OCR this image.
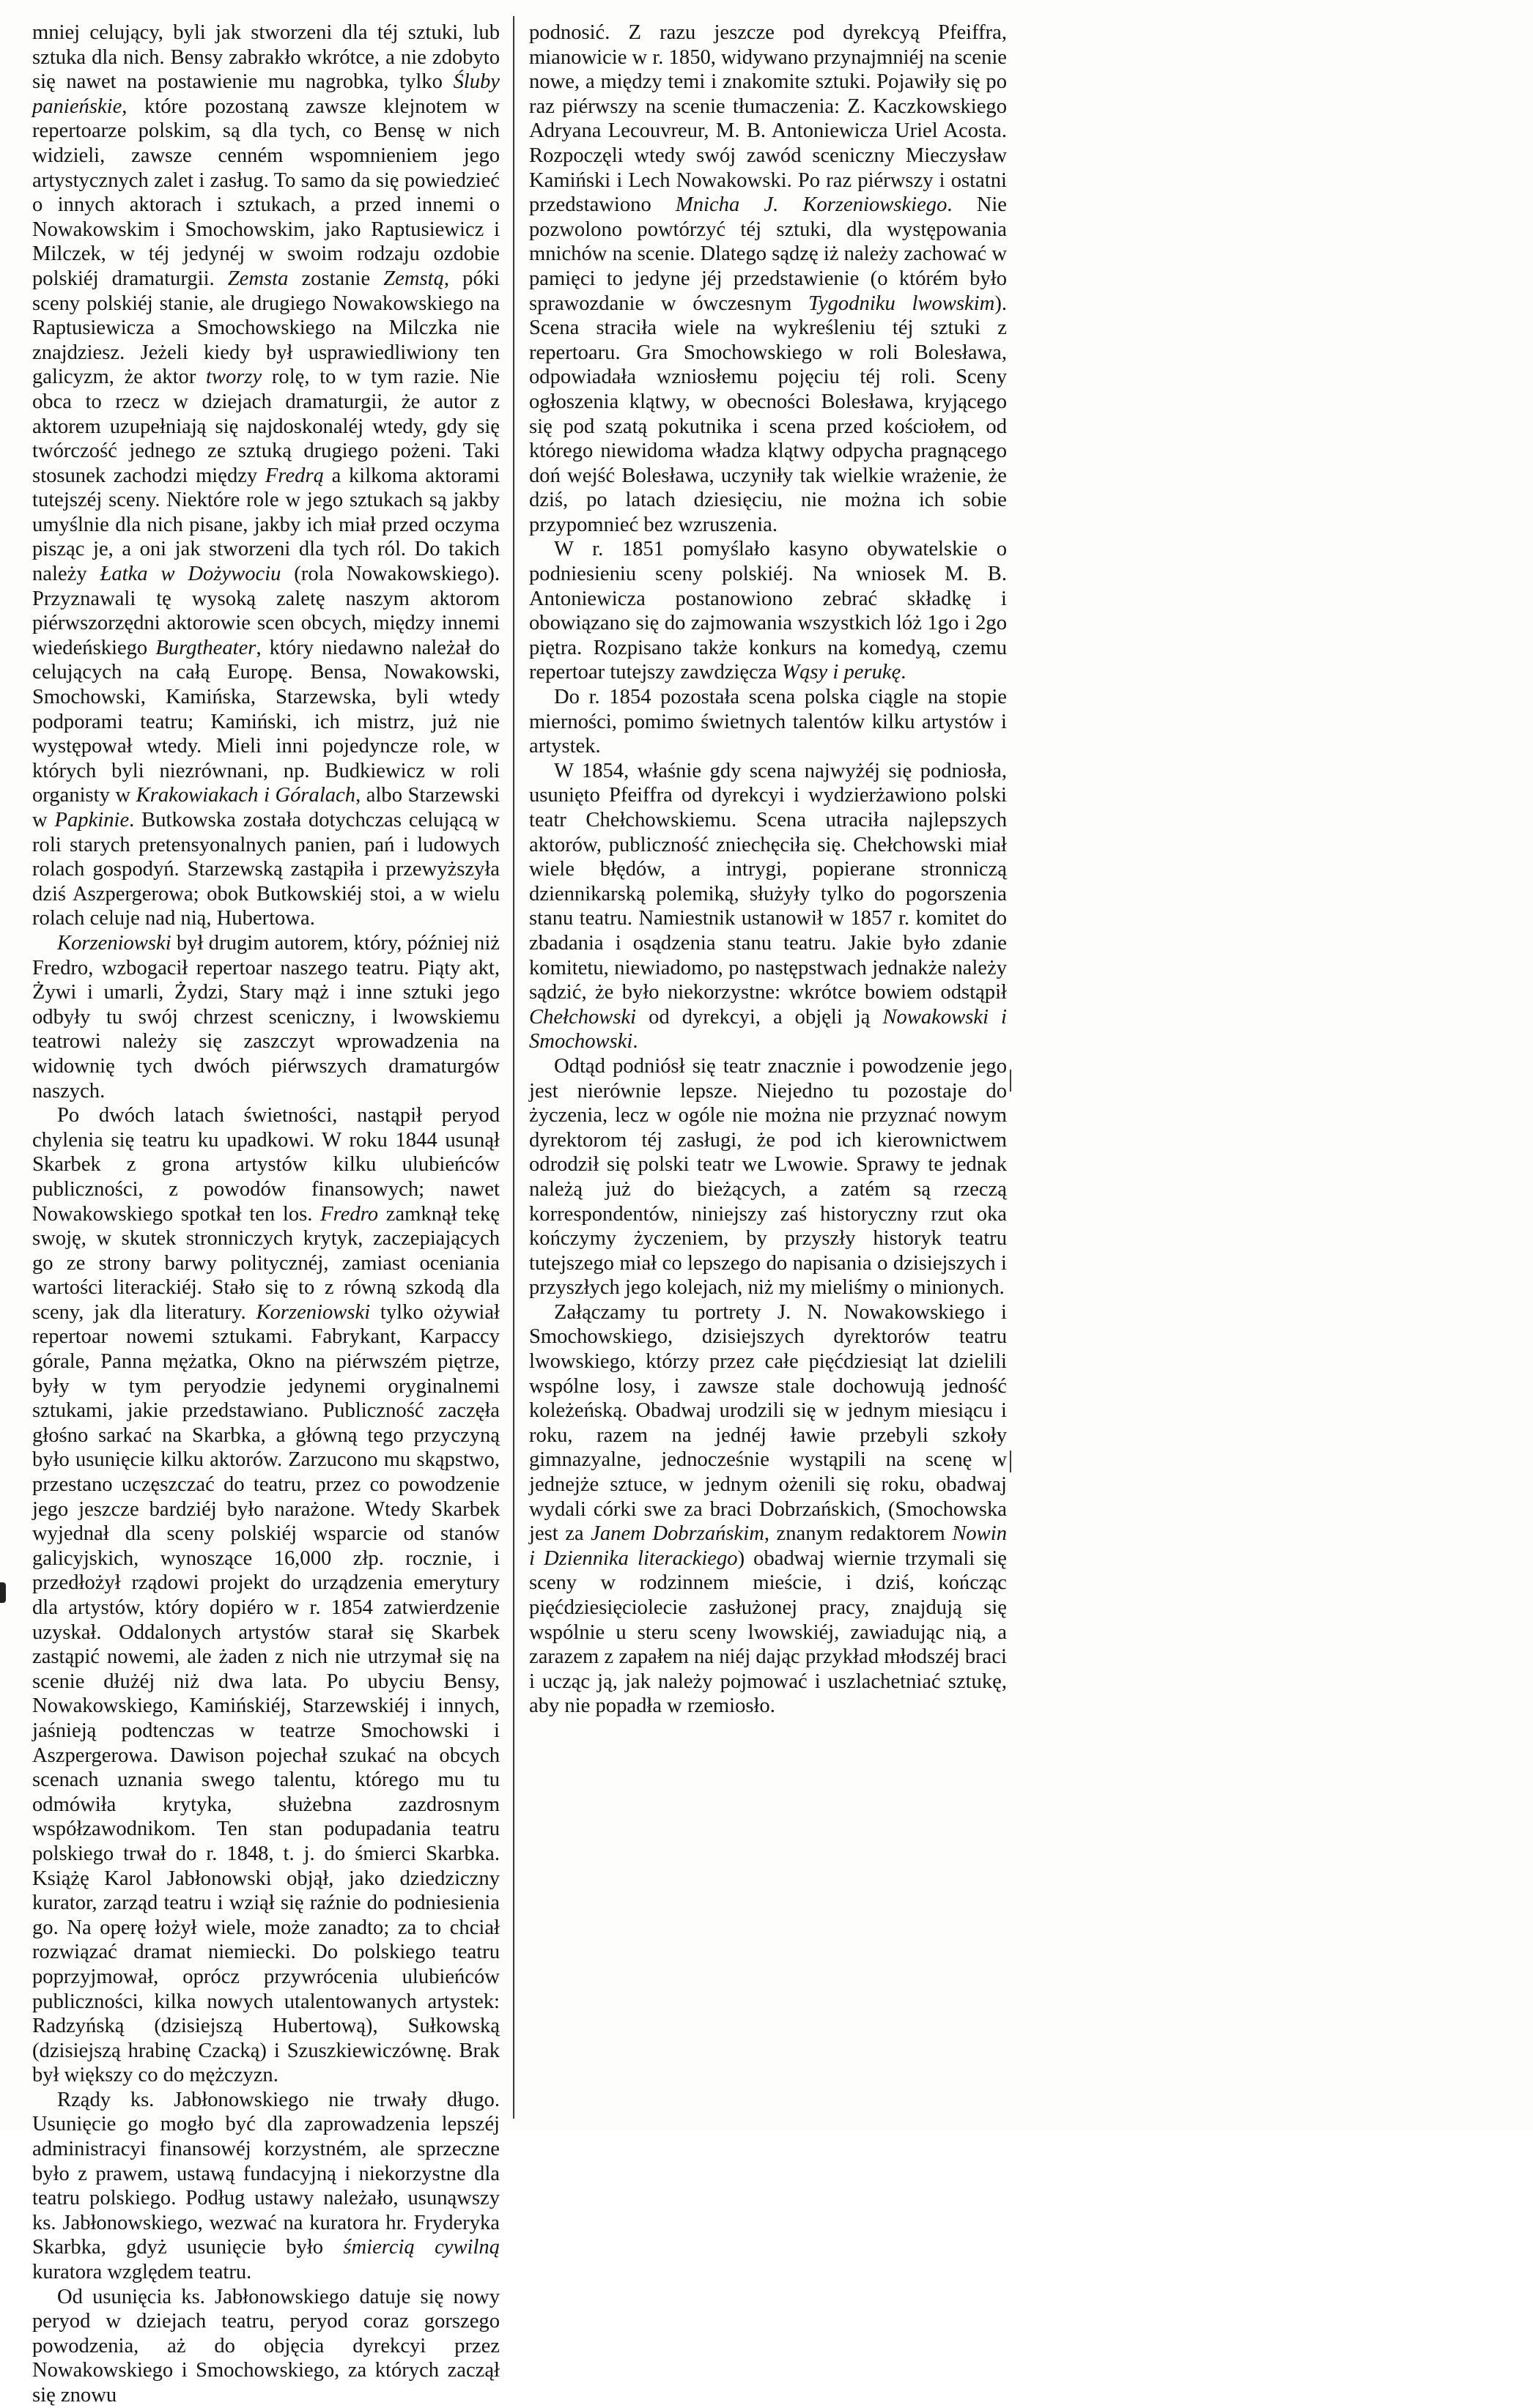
mniej celujący, byli jak stworzeni dla téj sztuki, lub sztuka dla nich. Bensy zabrakło wkrótce, a nie zdobyto się nawet na postawienie mu nagrobka, tylko Śluby panieńskie, które pozostaną zawsze klejnotem w repertoarze polskim, są dla tych, co Bensę w nich widzieli, zawsze cenném wspomnieniem jego artystycznych zalet i zasług. To samo da się powiedzieć o innych aktorach i sztukach, a przed innemi o Nowakowskim i Smochowskim, jako Raptusiewicz i Milczek, w téj jedynéj w swoim rodzaju ozdobie polskiéj dramaturgii. Zemsta zostanie Zemstą, póki sceny polskiéj stanie, ale drugiego Nowakowskiego na Raptusiewicza a Smochowskiego na Milczka nie znajdziesz. Jeżeli kiedy był usprawiedliwiony ten galicyzm, że aktor tworzy rolę, to w tym razie. Nie obca to rzecz w dziejach dramaturgii, że autor z aktorem uzupełniają się najdoskonaléj wtedy, gdy się twórczość jednego ze sztuką drugiego pożeni. Taki stosunek zachodzi między Fredrą a kilkoma aktorami tutejszéj sceny. Niektóre role w jego sztukach są jakby umyślnie dla nich pisane, jakby ich miał przed oczyma pisząc je, a oni jak stworzeni dla tych ról. Do takich należy Łatka w Dożywociu (rola Nowakowskiego). Przyznawali tę wysoką zaletę naszym aktorom piérwszorzędni aktorowie scen obcych, między innemi wiedeńskiego Burgtheater, który niedawno należał do celujących na całą Europę. Bensa, Nowakowski, Smochowski, Kamińska, Starzewska, byli wtedy podporami teatru; Kamiński, ich mistrz, już nie występował wtedy. Mieli inni pojedyncze role, w których byli niezrównani, np. Budkiewicz w roli organisty w Krakowiakach i Góralach, albo Starzewski w Papkinie. Butkowska została dotychczas celującą w roli starych pretensyonalnych panien, pań i ludowych rolach gospodyń. Starzewską zastąpiła i przewyższyła dziś Aszpergerowa; obok Butkowskiéj stoi, a w wielu rolach celuje nad nią, Hubertowa.

Korzeniowski był drugim autorem, który, później niż Fredro, wzbogacił repertoar naszego teatru. Piąty akt, Żywi i umarli, Żydzi, Stary mąż i inne sztuki jego odbyły tu swój chrzest sceniczny, i lwowskiemu teatrowi należy się zaszczyt wprowadzenia na widownię tych dwóch piérwszych dramaturgów naszych.

Po dwóch latach świetności, nastąpił peryod chylenia się teatru ku upadkowi. W roku 1844 usunął Skarbek z grona artystów kilku ulubieńców publiczności, z powodów finansowych; nawet Nowakowskiego spotkał ten los. Fredro zamknął tekę swoję, w skutek stronniczych krytyk, zaczepiających go ze strony barwy politycznéj, zamiast oceniania wartości literackiéj. Stało się to z równą szkodą dla sceny, jak dla literatury. Korzeniowski tylko ożywiał repertoar nowemi sztukami. Fabrykant, Karpaccy górale, Panna mężatka, Okno na piérwszém piętrze, były w tym peryodzie jedynemi oryginalnemi sztukami, jakie przedstawiano. Publiczność zaczęła głośno sarkać na Skarbka, a główną tego przyczyną było usunięcie kilku aktorów. Zarzucono mu skąpstwo, przestano uczęszczać do teatru, przez co powodzenie jego jeszcze bardziéj było narażone. Wtedy Skarbek wyjednał dla sceny polskiéj wsparcie od stanów galicyjskich, wynoszące 16,000 złp. rocznie, i przedłożył rządowi projekt do urządzenia emerytury dla artystów, który dopiéro w r. 1854 zatwierdzenie uzyskał. Oddalonych artystów starał się Skarbek zastąpić nowemi, ale żaden z nich nie utrzymał się na scenie dłużéj niż dwa lata. Po ubyciu Bensy, Nowakowskiego, Kamińskiéj, Starzewskiéj i innych, jaśnieją podtenczas w teatrze Smochowski i Aszpergerowa. Dawison pojechał szukać na obcych scenach uznania swego talentu, którego mu tu odmówiła krytyka, służebna zazdrosnym współzawodnikom. Ten stan podupadania teatru polskiego trwał do r. 1848, t. j. do śmierci Skarbka. Książę Karol Jabłonowski objął, jako dziedziczny kurator, zarząd teatru i wziął się raźnie do podniesienia go. Na operę łożył wiele, może zanadto; za to chciał rozwiązać dramat niemiecki. Do polskiego teatru poprzyjmował, oprócz przywrócenia ulubieńców publiczności, kilka nowych utalentowanych artystek: Radzyńską (dzisiejszą Hubertową), Sułkowską (dzisiejszą hrabinę Czacką) i Szuszkiewiczównę. Brak był większy co do mężczyzn.

Rządy ks. Jabłonowskiego nie trwały długo. Usunięcie go mogło być dla zaprowadzenia lepszéj administracyi finansowéj korzystném, ale sprzeczne było z prawem, ustawą fundacyjną i niekorzystne dla teatru polskiego. Podług ustawy należało, usunąwszy ks. Jabłonowskiego, wezwać na kuratora hr. Fryderyka Skarbka, gdyż usunięcie było śmiercią cywilną kuratora względem teatru.

Od usunięcia ks. Jabłonowskiego datuje się nowy peryod w dziejach teatru, peryod coraz gorszego powodzenia, aż do objęcia dyrekcyi przez Nowakowskiego i Smochowskiego, za których zaczął się znowu

podnosić. Z razu jeszcze pod dyrekcyą Pfeiffra, mianowicie w r. 1850, widywano przynajmniéj na scenie nowe, a między temi i znakomite sztuki. Pojawiły się po raz piérwszy na scenie tłumaczenia: Z. Kaczkowskiego Adryana Lecouvreur, M. B. Antoniewicza Uriel Acosta. Rozpoczęli wtedy swój zawód sceniczny Mieczysław Kamiński i Lech Nowakowski. Po raz piérwszy i ostatni przedstawiono Mnicha J. Korzeniowskiego. Nie pozwolono powtórzyć téj sztuki, dla występowania mnichów na scenie. Dlatego sądzę iż należy zachować w pamięci to jedyne jéj przedstawienie (o którém było sprawozdanie w ówczesnym Tygodniku lwowskim). Scena straciła wiele na wykreśleniu téj sztuki z repertoaru. Gra Smochowskiego w roli Bolesława, odpowiadała wzniosłemu pojęciu téj roli. Sceny ogłoszenia klątwy, w obecności Bolesława, kryjącego się pod szatą pokutnika i scena przed kościołem, od którego niewidoma władza klątwy odpycha pragnącego doń wejść Bolesława, uczyniły tak wielkie wrażenie, że dziś, po latach dziesięciu, nie można ich sobie przypomnieć bez wzruszenia.

W r. 1851 pomyślało kasyno obywatelskie o podniesieniu sceny polskiéj. Na wniosek M. B. Antoniewicza postanowiono zebrać składkę i obowiązano się do zajmowania wszystkich lóż 1go i 2go piętra. Rozpisano także konkurs na komedyą, czemu repertoar tutejszy zawdzięcza Wąsy i perukę.

Do r. 1854 pozostała scena polska ciągle na stopie mierności, pomimo świetnych talentów kilku artystów i artystek.

W 1854, właśnie gdy scena najwyżéj się podniosła, usunięto Pfeiffra od dyrekcyi i wydzierżawiono polski teatr Chełchowskiemu. Scena utraciła najlepszych aktorów, publiczność zniechęciła się. Chełchowski miał wiele błędów, a intrygi, popierane stronniczą dziennikarską polemiką, służyły tylko do pogorszenia stanu teatru. Namiestnik ustanowił w 1857 r. komitet do zbadania i osądzenia stanu teatru. Jakie było zdanie komitetu, niewiadomo, po następstwach jednakże należy sądzić, że było niekorzystne: wkrótce bowiem odstąpił Chełchowski od dyrekcyi, a objęli ją Nowakowski i Smochowski.

Odtąd podniósł się teatr znacznie i powodzenie jego jest nierównie lepsze. Niejedno tu pozostaje do życzenia, lecz w ogóle nie można nie przyznać nowym dyrektorom téj zasługi, że pod ich kierownictwem odrodził się polski teatr we Lwowie. Sprawy te jednak należą już do bieżących, a zatém są rzeczą korrespondentów, niniejszy zaś historyczny rzut oka kończymy życzeniem, by przyszły historyk teatru tutejszego miał co lepszego do napisania o dzisiejszych i przyszłych jego kolejach, niż my mieliśmy o minionych.

Załączamy tu portrety J. N. Nowakowskiego i Smochowskiego, dzisiejszych dyrektorów teatru lwowskiego, którzy przez całe pięćdziesiąt lat dzielili wspólne losy, i zawsze stale dochowują jedność koleżeńską. Obadwaj urodzili się w jednym miesiącu i roku, razem na jednéj ławie przebyli szkoły gimnazyalne, jednocześnie wystąpili na scenę w jednejże sztuce, w jednym ożenili się roku, obadwaj wydali córki swe za braci Dobrzańskich, (Smochowska jest za Janem Dobrzańskim, znanym redaktorem Nowin i Dziennika literackiego) obadwaj wiernie trzymali się sceny w rodzinnem mieście, i dziś, kończąc pięćdziesięciolecie zasłużonej pracy, znajdują się wspólnie u steru sceny lwowskiéj, zawiadując nią, a zarazem z zapałem na niéj dając przykład młodszéj braci i ucząc ją, jak należy pojmować i uszlachetniać sztukę, aby nie popadła w rzemiosło.
